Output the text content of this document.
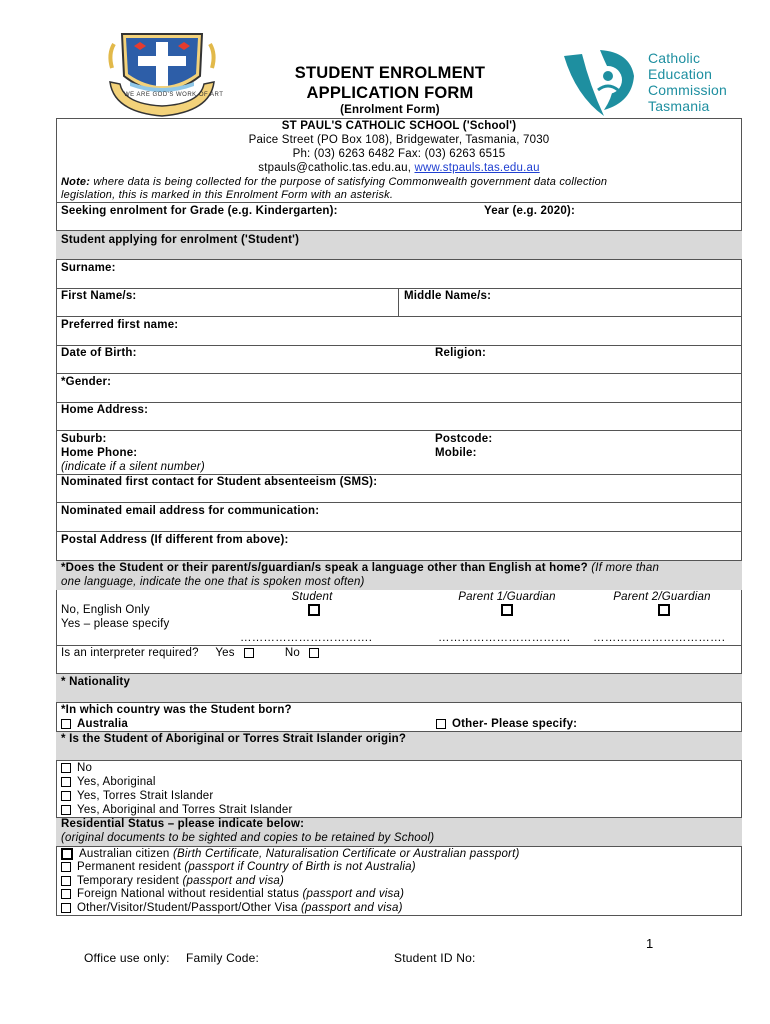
WE ARE GOD'S WORK OF ART
STUDENT ENROLMENT
APPLICATION FORM
(Enrolment Form)
Catholic
Education
Commission
Tasmania
ST PAUL'S CATHOLIC SCHOOL ('School')
Paice Street (PO Box 108), Bridgewater, Tasmania, 7030
Ph: (03) 6263 6482 Fax: (03) 6263 6515
stpauls@catholic.tas.edu.au, www.stpauls.tas.edu.au
Note: where data is being collected for the purpose of satisfying Commonwealth government data collection
legislation, this is marked in this Enrolment Form with an asterisk.
Seeking enrolment for Grade (e.g. Kindergarten):	Year (e.g. 2020):
Student applying for enrolment ('Student')
Surname:
First Name/s:	Middle Name/s:
Preferred first name:
Date of Birth:	Religion:
*Gender:
Home Address:
Suburb:	Postcode:
Home Phone:	Mobile:
(indicate if a silent number)
Nominated first contact for Student absenteeism (SMS):
Nominated email address for communication:
Postal Address (If different from above):
*Does the Student or their parent/s/guardian/s speak a language other than English at home? (If more than
one language, indicate the one that is spoken most often)
Student	Parent 1/Guardian	Parent 2/Guardian
No, English Only
Yes – please specify
…………………………….	……………………………. …………………………….
Is an interpreter required? Yes	No
* Nationality
*In which country was the Student born?
Australia	Other- Please specify:
* Is the Student of Aboriginal or Torres Strait Islander origin?
No
Yes, Aboriginal
Yes, Torres Strait Islander
Yes, Aboriginal and Torres Strait Islander
Residential Status – please indicate below:
(original documents to be sighted and copies to be retained by School)
Australian citizen (Birth Certificate, Naturalisation Certificate or Australian passport)
Permanent resident (passport if Country of Birth is not Australia)
Temporary resident (passport and visa)
Foreign National without residential status (passport and visa)
Other/Visitor/Student/Passport/Other Visa (passport and visa)
1
Office use only: Family Code:	Student ID No:
